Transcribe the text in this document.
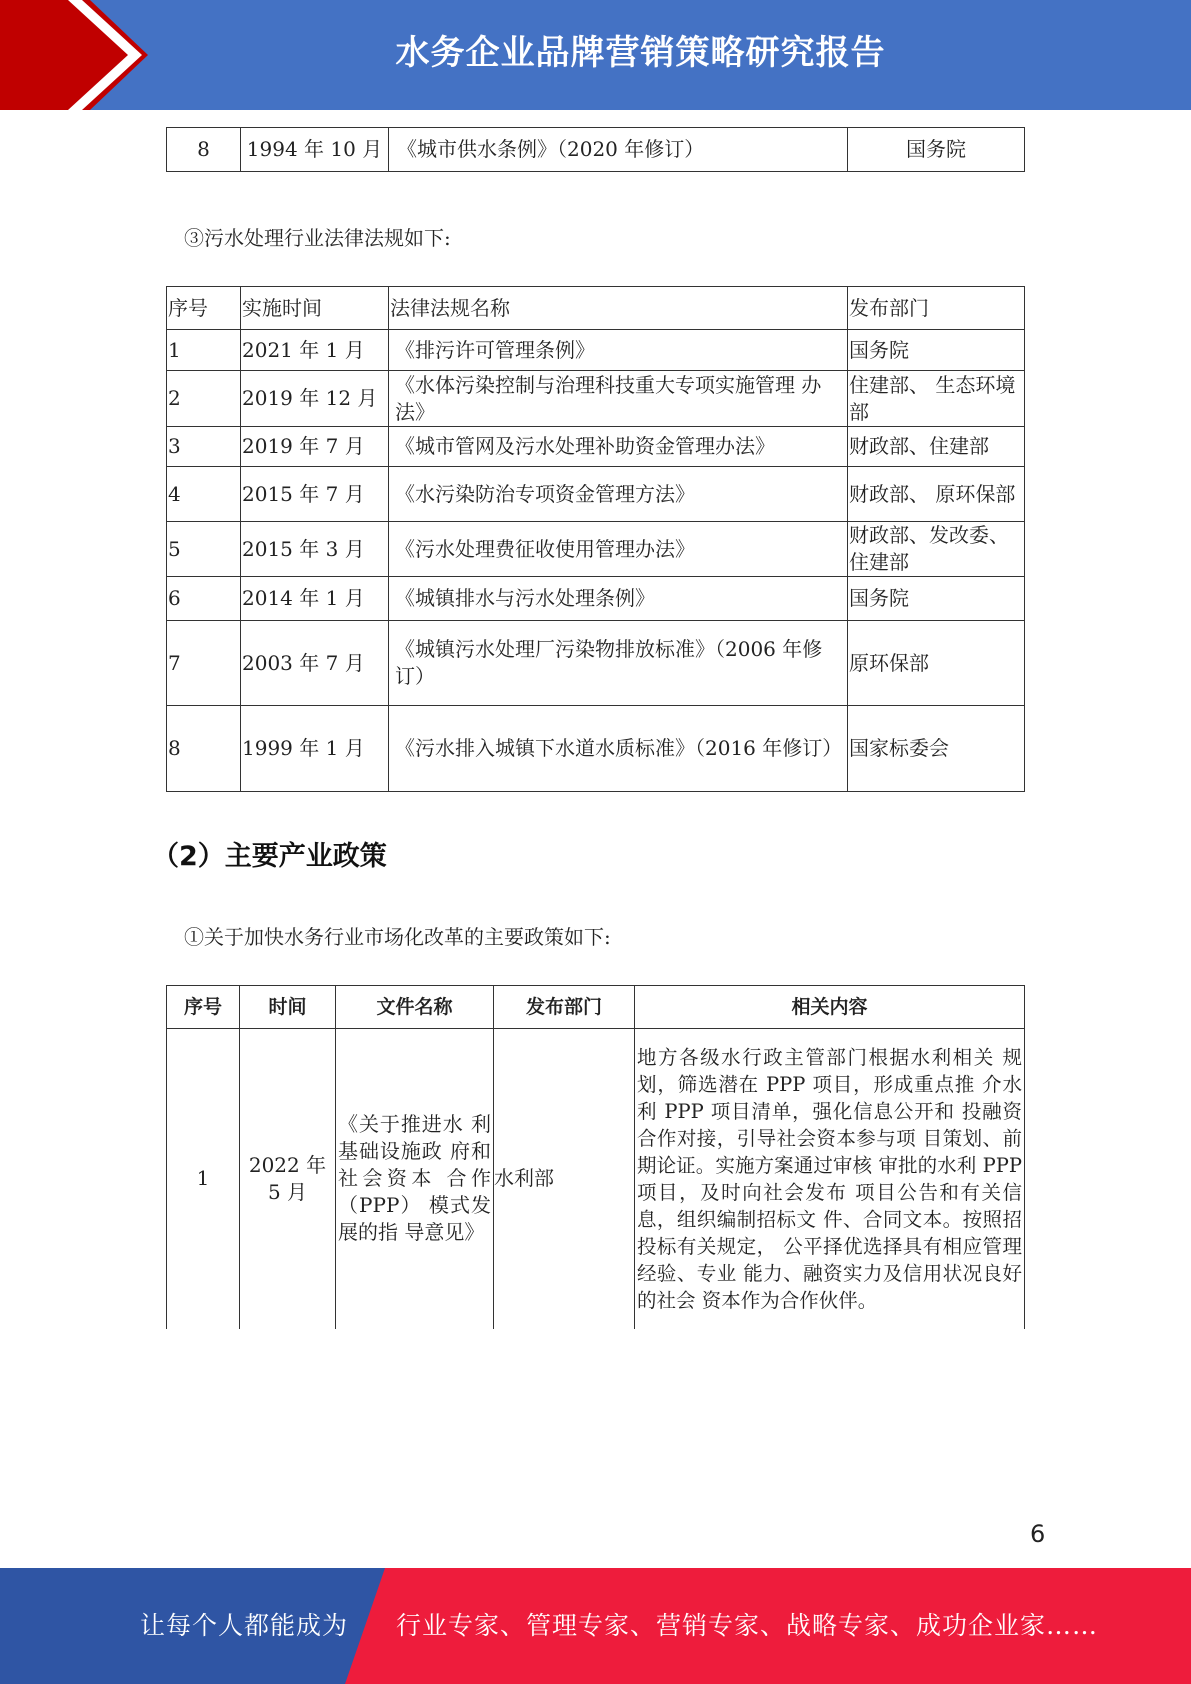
水务企业品牌营销策略研究报告
8	1994 年 10 月	《城市供水条例》（2020 年修订）	国务院
③污水处理行业法律法规如下:
序号	实施时间	法律法规名称	发布部门
1	2021 年 1 月	《排污许可管理条例》	国务院
2	2019 年 12 月	《水体污染控制与治理科技重大专项实施管理 办法》	住建部、 生态环境部
3	2019 年 7 月	《城市管网及污水处理补助资金管理办法》	财政部、住建部
4	2015 年 7 月	《水污染防治专项资金管理方法》	财政部、 原环保部
5	2015 年 3 月	《污水处理费征收使用管理办法》	财政部、发改委、住建部
6	2014 年 1 月	《城镇排水与污水处理条例》	国务院
7	2003 年 7 月	《城镇污水处理厂污染物排放标准》（2006 年修订）	原环保部
8	1999 年 1 月	《污水排入城镇下水道水质标准》（2016 年修订）	国家标委会
（2）主要产业政策
①关于加快水务行业市场化改革的主要政策如下:
序号	时间	文件名称	发布部门	相关内容
1	2022 年 5 月	《关于推进水 利基础设施政 府和社会资本 合作（PPP） 模式发展的指 导意见》	水利部	地方各级水行政主管部门根据水利相关 规划，筛选潜在 PPP 项目，形成重点推 介水利 PPP 项目清单，强化信息公开和 投融资合作对接，引导社会资本参与项 目策划、前期论证。实施方案通过审核 审批的水利 PPP 项目，及时向社会发布 项目公告和有关信息，组织编制招标文 件、合同文本。按照招投标有关规定， 公平择优选择具有相应管理经验、专业 能力、融资实力及信用状况良好的社会 资本作为合作伙伴。
6
让每个人都能成为 行业专家、管理专家、营销专家、战略专家、成功企业家……
